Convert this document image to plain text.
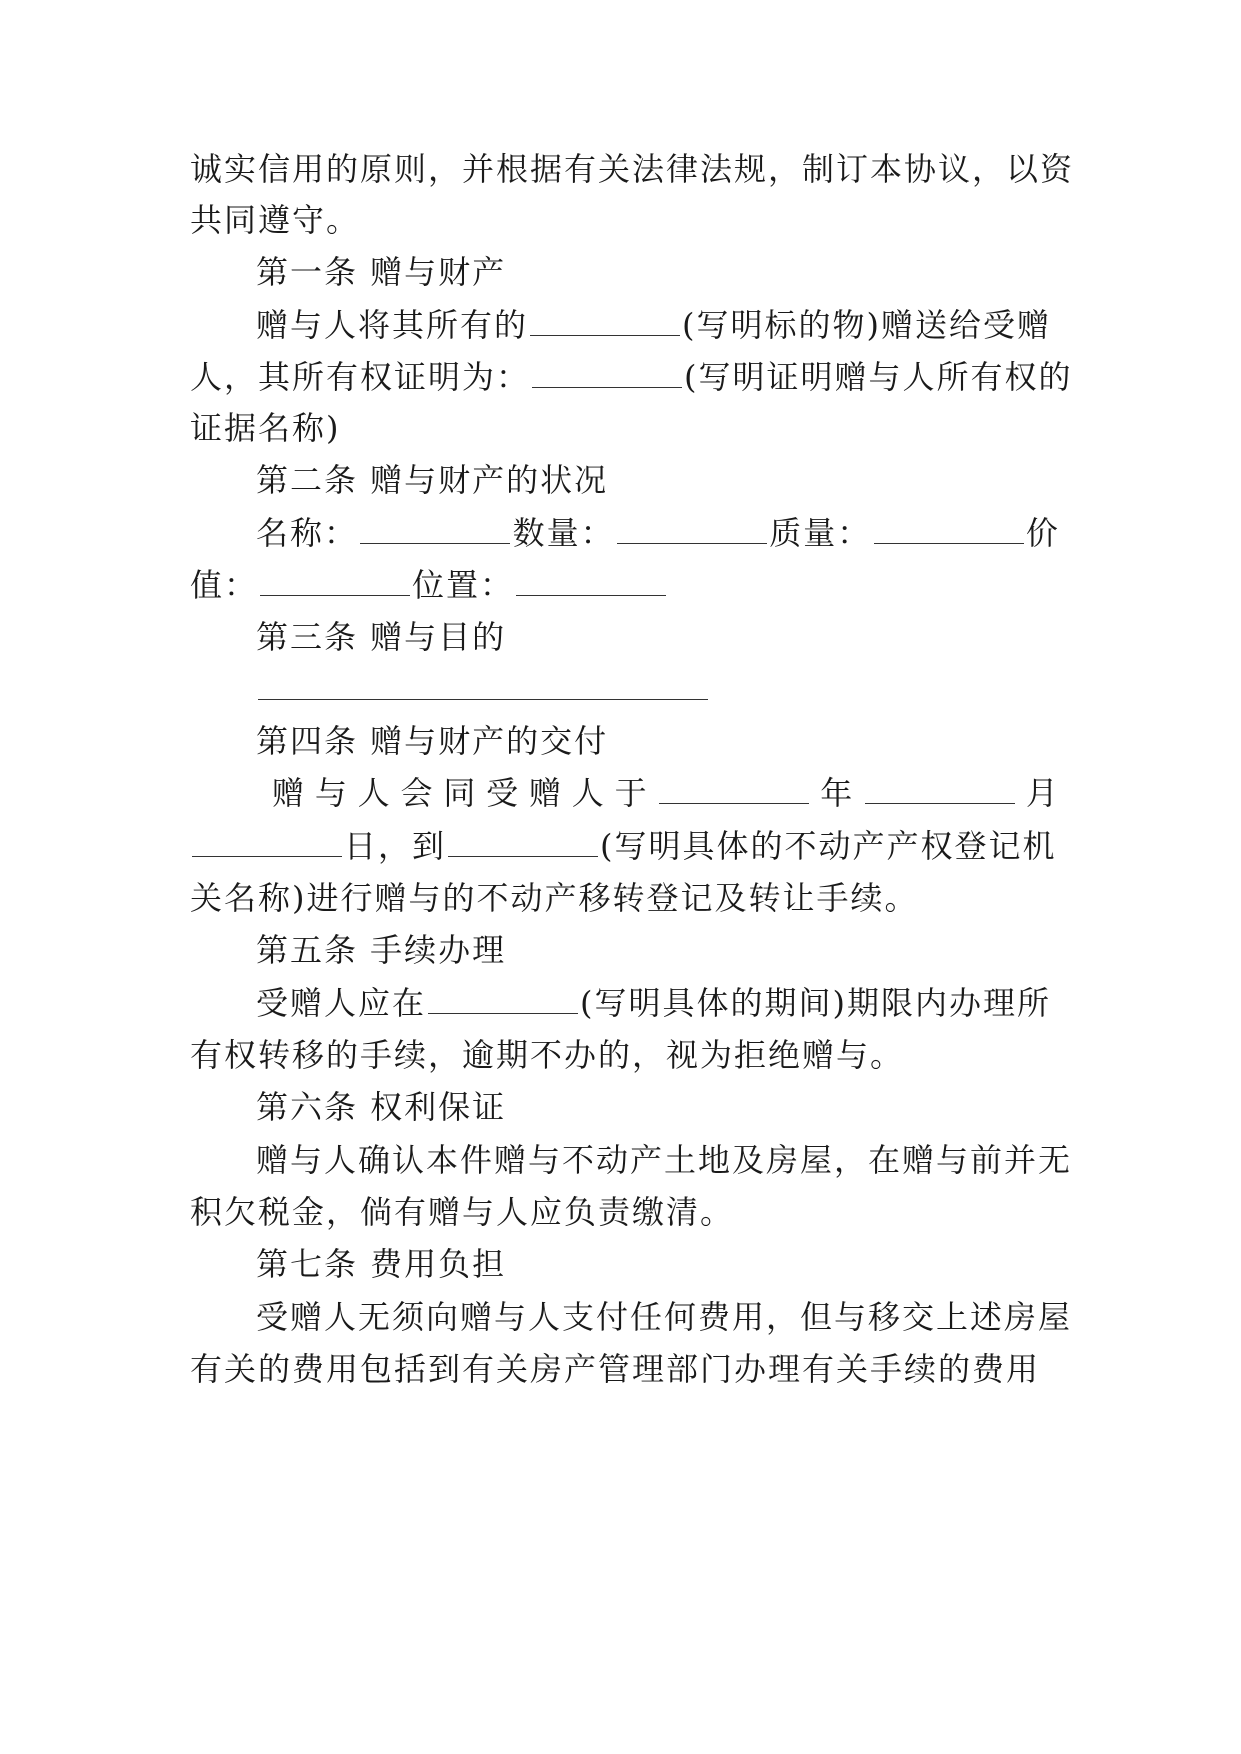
诚实信用的原则，并根据有关法律法规，制订本协议，以资
共同遵守。
第一条 赠与财产
赠与人将其所有的	(写明标的物)赠送给受赠
人，其所有权证明为：	(写明证明赠与人所有权的
证据名称)
第二条 赠与财产的状况
名称：	数量：	质量：	价
值：	位置：
第三条 赠与目的
第四条 赠与财产的交付
赠 与 人 会 同 受 赠 人 于	年	月
日，到	(写明具体的不动产产权登记机
关名称)进行赠与的不动产移转登记及转让手续。
第五条 手续办理
受赠人应在	(写明具体的期间)期限内办理所
有权转移的手续，逾期不办的，视为拒绝赠与。
第六条 权利保证
赠与人确认本件赠与不动产土地及房屋，在赠与前并无
积欠税金，倘有赠与人应负责缴清。
第七条 费用负担
受赠人无须向赠与人支付任何费用，但与移交上述房屋
有关的费用包括到有关房产管理部门办理有关手续的费用
